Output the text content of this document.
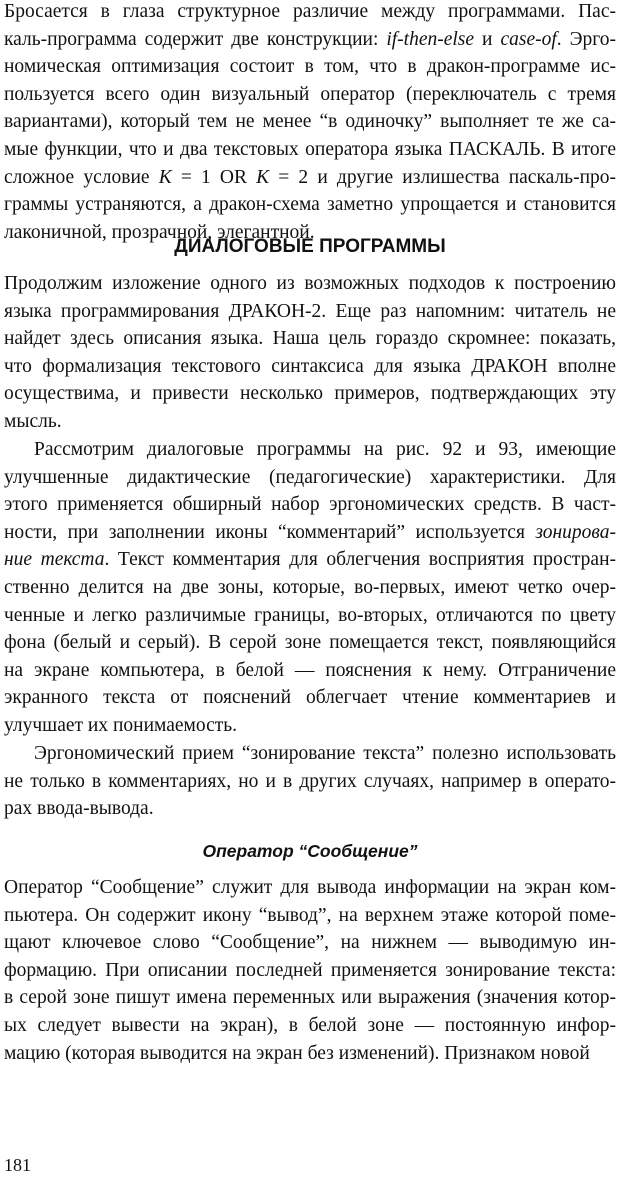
Бросается в глаза структурное различие между программами. Пас-
каль-программа содержит две конструкции: if-then-else и case-of. Эрго-
номическая оптимизация состоит в том, что в дракон-программе ис-
пользуется всего один визуальный оператор (переключатель с тремя
вариантами), который тем не менее “в одиночку” выполняет те же са-
мые функции, что и два текстовых оператора языка ПАСКАЛЬ. В итоге
сложное условие K = 1 OR K = 2 и другие излишества паскаль-про-
граммы устраняются, а дракон-схема заметно упрощается и становится
лаконичной, прозрачной, элегантной.
ДИАЛОГОВЫЕ ПРОГРАММЫ
Продолжим изложение одного из возможных подходов к построению
языка программирования ДРАКОН-2. Еще раз напомним: читатель не
найдет здесь описания языка. Наша цель гораздо скромнее: показать,
что формализация текстового синтаксиса для языка ДРАКОН вполне
осуществима, и привести несколько примеров, подтверждающих эту
мысль.
Рассмотрим диалоговые программы на рис. 92 и 93, имеющие
улучшенные дидактические (педагогические) характеристики. Для
этого применяется обширный набор эргономических средств. В част-
ности, при заполнении иконы “комментарий” используется зонирова-
ние текста. Текст комментария для облегчения восприятия простран-
ственно делится на две зоны, которые, во-первых, имеют четко очер-
ченные и легко различимые границы, во-вторых, отличаются по цвету
фона (белый и серый). В серой зоне помещается текст, появляющийся
на экране компьютера, в белой — пояснения к нему. Отграничение
экранного текста от пояснений облегчает чтение комментариев и
улучшает их понимаемость.
Эргономический прием “зонирование текста” полезно использовать
не только в комментариях, но и в других случаях, например в операто-
рах ввода-вывода.
Оператор “Сообщение”
Оператор “Сообщение” служит для вывода информации на экран ком-
пьютера. Он содержит икону “вывод”, на верхнем этаже которой поме-
щают ключевое слово “Сообщение”, на нижнем — выводимую ин-
формацию. При описании последней применяется зонирование текста:
в серой зоне пишут имена переменных или выражения (значения котор-
ых следует вывести на экран), в белой зоне — постоянную инфор-
мацию (которая выводится на экран без изменений). Признаком новой
181
